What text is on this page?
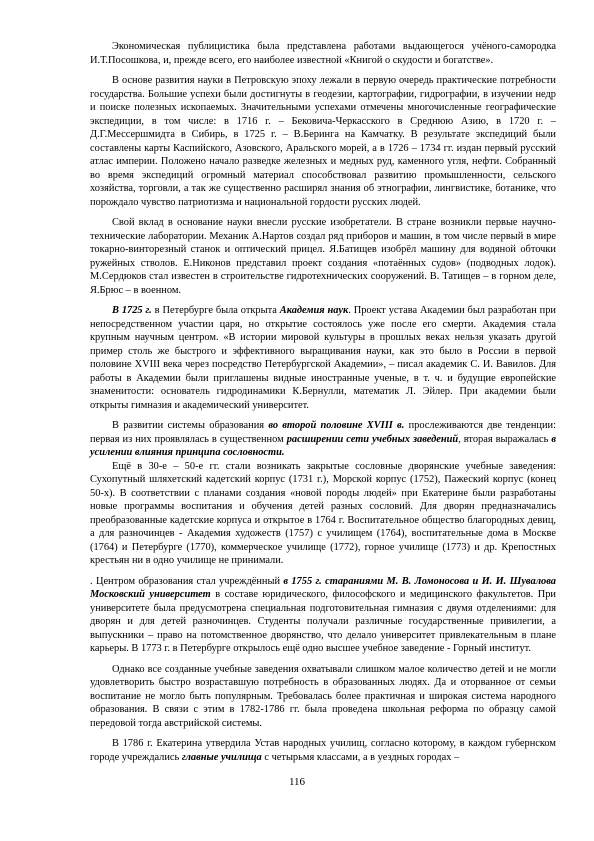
Экономическая публицистика была представлена работами выдающегося учёного-самородка И.Т.Посошкова, и, прежде всего, его наиболее известной «Книгой о скудости и богатстве».

В основе развития науки в Петровскую эпоху лежали в первую очередь практические потребности государства. Большие успехи были достигнуты в геодезии, картографии, гидрографии, в изучении недр и поиске полезных ископаемых. Значительными успехами отмечены многочисленные географические экспедиции, в том числе: в 1716 г. – Бековича-Черкасского в Среднюю Азию, в 1720 г. – Д.Г.Мессершмидта в Сибирь, в 1725 г. – В.Беринга на Камчатку. В результате экспедиций были составлены карты Каспийского, Азовского, Аральского морей, а в 1726 – 1734 гг. издан первый русский атлас империи. Положено начало разведке железных и медных руд, каменного угля, нефти. Собранный во время экспедиций огромный материал способствовал развитию промышленности, сельского хозяйства, торговли, а так же существенно расширял знания об этнографии, лингвистике, ботанике, что порождало чувство патриотизма и национальной гордости русских людей.

Свой вклад в основание науки внесли русские изобретатели. В стране возникли первые научно-технические лаборатории. Механик А.Нартов создал ряд приборов и машин, в том числе первый в мире токарно-винторезный станок и оптический прицел. Я.Батищев изобрёл машину для водяной обточки ружейных стволов. Е.Никонов представил проект создания «потаённых судов» (подводных лодок). М.Сердюков стал известен в строительстве гидротехнических сооружений. В. Татищев – в горном деле, Я.Брюс – в военном.

В 1725 г. в Петербурге была открыта Академия наук. Проект устава Академии был разработан при непосредственном участии царя, но открытие состоялось уже после его смерти. Академия стала крупным научным центром. «В истории мировой культуры в прошлых веках нельзя указать другой пример столь же быстрого и эффективного выращивания науки, как это было в России в первой половине XVIII века через посредство Петербургской Академии», – писал академик С. И. Вавилов. Для работы в Академии были приглашены видные иностранные ученые, в т. ч. и будущие европейские знаменитости: основатель гидродинамики К.Бернулли, математик Л. Эйлер. При академии были открыты гимназия и академический университет.

В развитии системы образования во второй половине XVIII в. прослеживаются две тенденции: первая из них проявлялась в существенном расширении сети учебных заведений, вторая выражалась в усилении влияния принципа сословности.

Ещё в 30-е – 50-е гг. стали возникать закрытые сословные дворянские учебные заведения: Сухопутный шляхетский кадетский корпус (1731 г.), Морской корпус (1752), Пажеский корпус (конец 50-х). В соответствии с планами создания «новой породы людей» при Екатерине были разработаны новые программы воспитания и обучения детей разных сословий. Для дворян предназначались преобразованные кадетские корпуса и открытое в 1764 г. Воспитательное общество благородных девиц, а для разночинцев - Академия художеств (1757) с училищем (1764), воспитательные дома в Москве (1764) и Петербурге (1770), коммерческое училище (1772), горное училище (1773) и др. Крепостных крестьян ни в одно училище не принимали.

. Центром образования стал учреждённый в 1755 г. стараниями М. В. Ломоносова и И. И. Шувалова Московский университет в составе юридического, философского и медицинского факультетов. При университете была предусмотрена специальная подготовительная гимназия с двумя отделениями: для дворян и для детей разночинцев. Студенты получали различные государственные привилегии, а выпускники – право на потомственное дворянство, что делало университет привлекательным в плане карьеры. В 1773 г. в Петербурге открылось ещё одно высшее учебное заведение - Горный институт.

Однако все созданные учебные заведения охватывали слишком малое количество детей и не могли удовлетворить быстро возраставшую потребность в образованных людях. Да и оторванное от семьи воспитание не могло быть популярным. Требовалась более практичная и широкая система народного образования. В связи с этим в 1782-1786 гг. была проведена школьная реформа по образцу самой передовой тогда австрийской системы.

В 1786 г. Екатерина утвердила Устав народных училищ, согласно которому, в каждом губернском городе учреждались главные училища с четырьмя классами, а в уездных городах –

116
